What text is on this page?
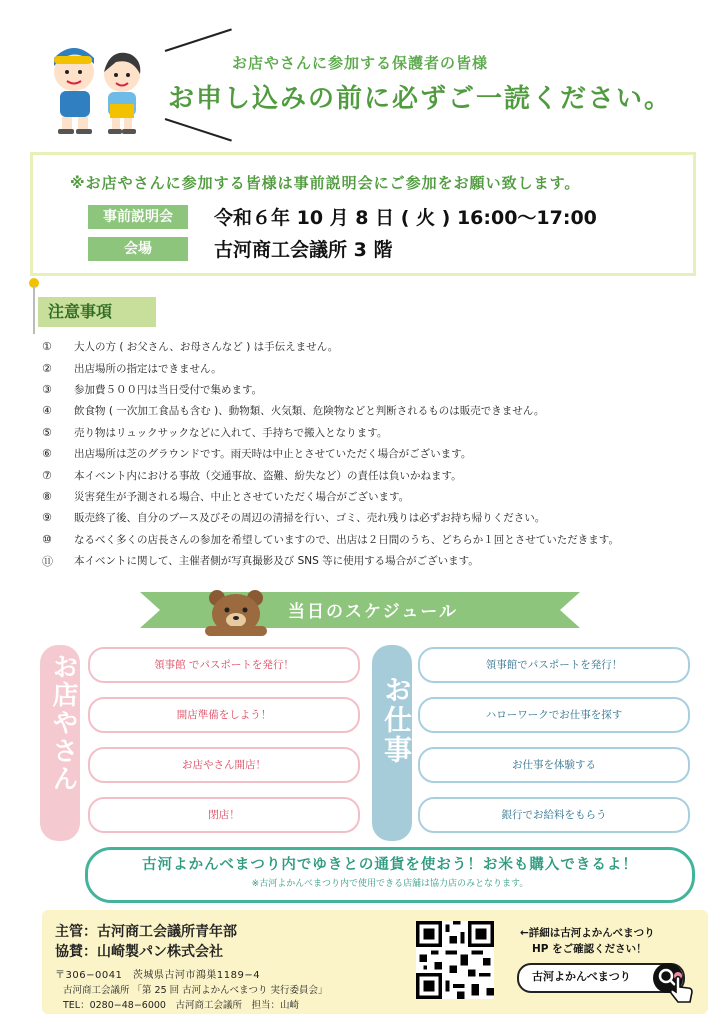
お店やさんに参加する保護者の皆様
お申し込みの前に必ずご一読ください。
※お店やさんに参加する皆様は事前説明会にご参加をお願い致します。
事前説明会	令和６年 10 月 8 日 ( 火 ) 16:00〜17:00
会場	古河商工会議所 3 階
注意事項
①	大人の方 ( お父さん、お母さんなど ) は手伝えません。
②	出店場所の指定はできません。
③	参加費５００円は当日受付で集めます。
④	飲食物 ( 一次加工食品も含む )、動物類、火気類、危険物などと判断されるものは販売できません。
⑤	売り物はリュックサックなどに入れて、手持ちで搬入となります。
⑥	出店場所は芝のグラウンドです。雨天時は中止とさせていただく場合がございます。
⑦	本イベント内における事故（交通事故、盗難、紛失など）の責任は負いかねます。
⑧	災害発生が予測される場合、中止とさせていただく場合がございます。
⑨	販売終了後、自分のブース及びその周辺の清掃を行い、ゴミ、売れ残りは必ずお持ち帰りください。
⑩	なるべく多くの店長さんの参加を希望していますので、出店は２日間のうち、どちらか１回とさせていただきます。
⑪	本イベントに関して、主催者側が写真撮影及び SNS 等に使用する場合がございます。
当日のスケジュール
お店やさん	領事館 でパスポートを発行！
開店準備をしよう！
お店やさん開店！
閉店！
お仕事
領事館でパスポートを発行！
ハローワークでお仕事を探す
お仕事を体験する
銀行でお給料をもらう
古河よかんべまつり内でゆきとの通貨を使おう！お米も購入できるよ！
※古河よかんべまつり内で使用できる店舗は協力店のみとなります。
主管：古河商工会議所青年部
協賛：山崎製パン株式会社
〒306−0041　茨城県古河市鴻巣1189−4
古河商工会議所 「第 25 回 古河よかんべまつり 実行委員会」
TEL：0280−48−6000　古河商工会議所　担当：山崎
←詳細は古河よかんべまつり
HP をご確認ください！
古河よかんべまつり
